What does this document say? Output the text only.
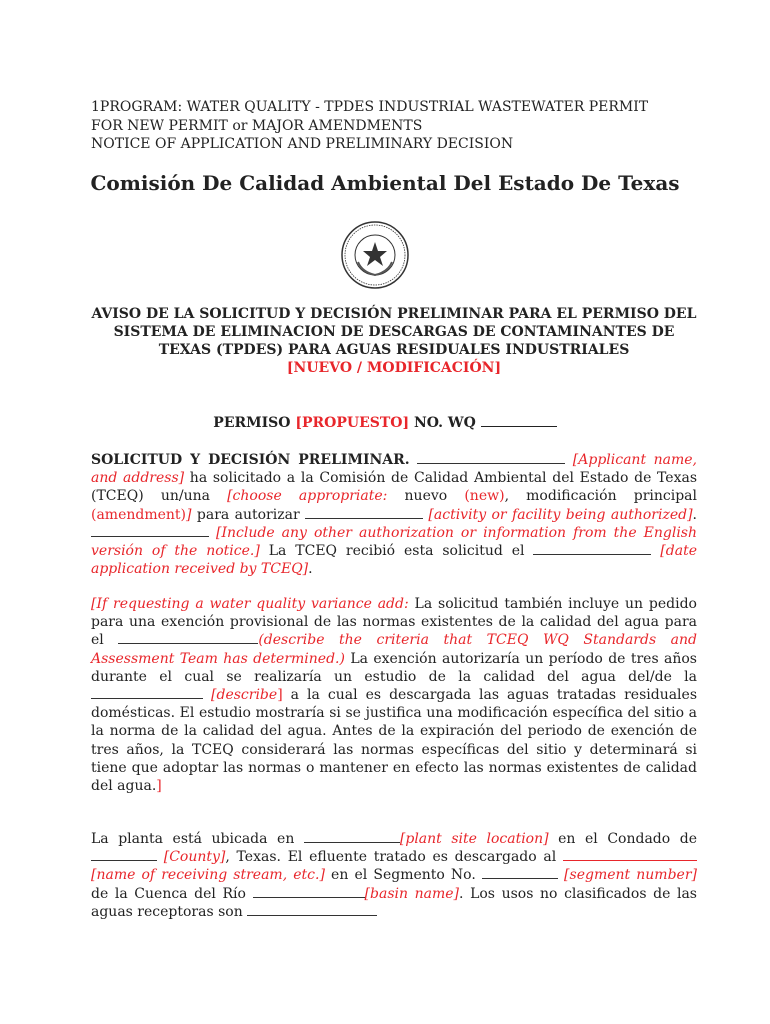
1PROGRAM: WATER QUALITY - TPDES INDUSTRIAL WASTEWATER PERMIT
FOR NEW PERMIT or MAJOR AMENDMENTS
NOTICE OF APPLICATION AND PRELIMINARY DECISION
Comisión De Calidad Ambiental Del Estado De Texas
AVISO DE LA SOLICITUD Y DECISIÓN PRELIMINAR PARA EL PERMISO DEL SISTEMA DE ELIMINACION DE DESCARGAS DE CONTAMINANTES DE TEXAS (TPDES) PARA AGUAS RESIDUALES INDUSTRIALES
[NUEVO / MODIFICACIÓN]
PERMISO [PROPUESTO] NO. WQ
SOLICITUD Y DECISIÓN PRELIMINAR.	[Applicant name, and address] ha solicitado a la Comisión de Calidad Ambiental del Estado de Texas (TCEQ) un/una [choose appropriate: nuevo (new), modificación principal (amendment)] para autorizar	[activity or facility being authorized].  [Include any other authorization or information from the English versión of the notice.] La TCEQ recibió esta solicitud el	[date application received by TCEQ].
[If requesting a water quality variance add: La solicitud también incluye un pedido para una exención provisional de las normas existentes de la calidad del agua para el	(describe the criteria that TCEQ WQ Standards and Assessment Team has determined.) La exención autorizaría un período de tres años durante el cual se realizaría un estudio de la calidad del agua del/de la  [describe] a la cual es descargada las aguas tratadas residuales domésticas. El estudio mostraría si se justifica una modificación específica del sitio a la norma de la calidad del agua. Antes de la expiración del periodo de exención de tres años, la TCEQ considerará las normas específicas del sitio y determinará si tiene que adoptar las normas o mantener en efecto las normas existentes de calidad del agua.]
La planta está ubicada en	[plant site location] en el Condado de  [County], Texas. El efluente tratado es descargado al [name of receiving stream, etc.] en el Segmento No.	[segment number] de la Cuenca del Río	[basin name]. Los usos no clasificados de las aguas receptoras son
